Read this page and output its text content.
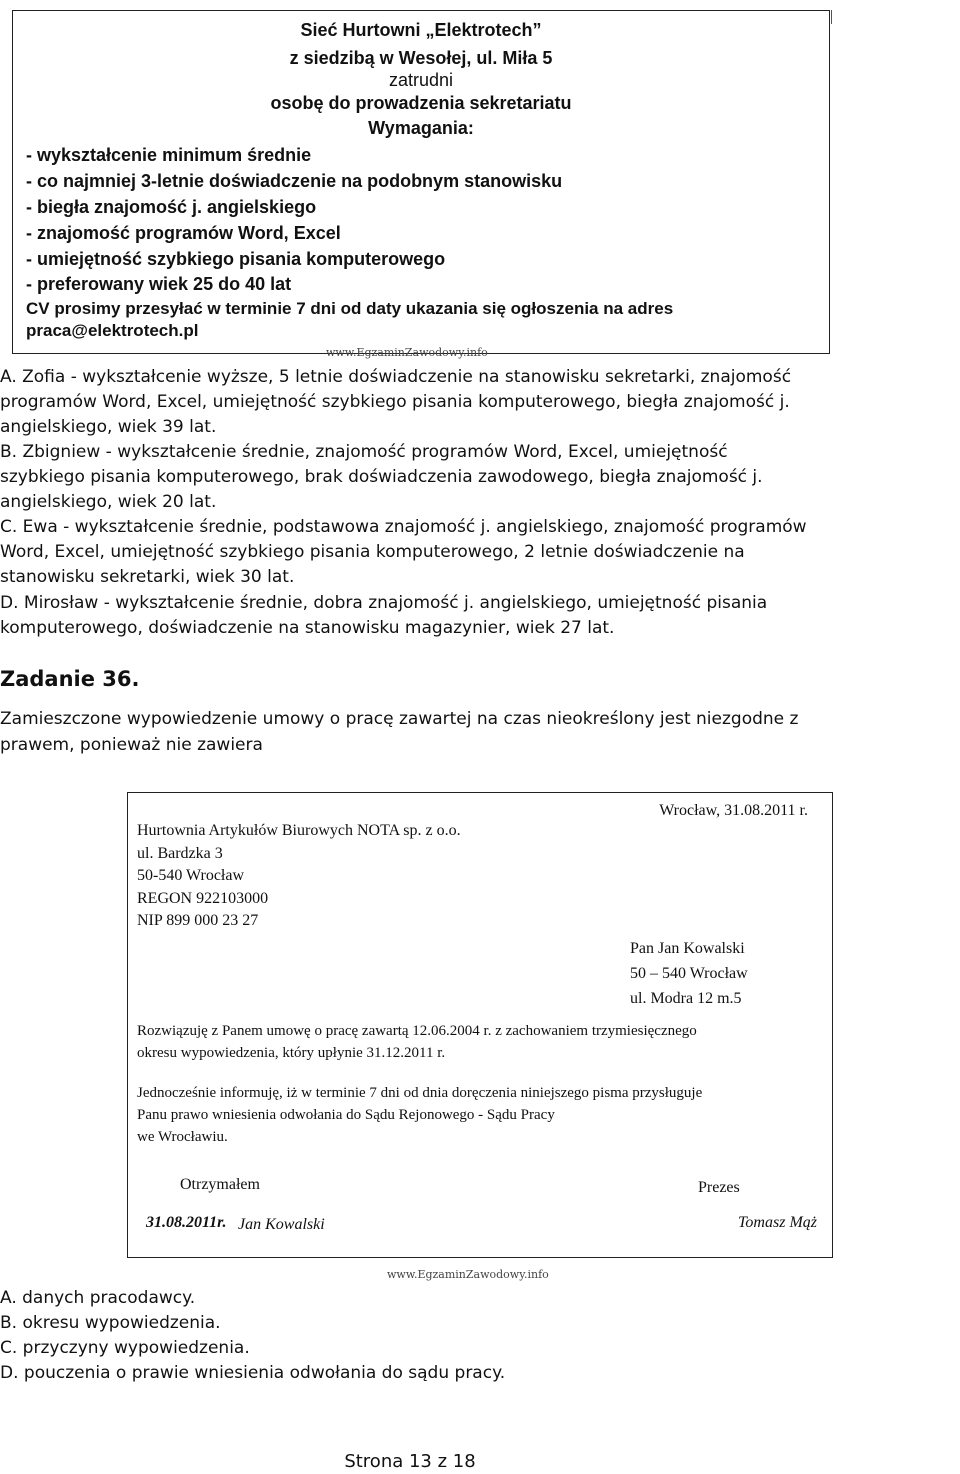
Sieć Hurtowni „Elektrotech”
z siedzibą w Wesołej, ul. Miła 5
zatrudni
osobę do prowadzenia sekretariatu
Wymagania:
- wykształcenie minimum średnie
- co najmniej 3-letnie doświadczenie na podobnym stanowisku
- biegła znajomość j. angielskiego
- znajomość programów Word, Excel
- umiejętność szybkiego pisania komputerowego
- preferowany wiek 25 do 40 lat
CV prosimy przesyłać w terminie 7 dni od daty ukazania się ogłoszenia na adres
praca@elektrotech.pl
www.EgzaminZawodowy.info
A. Zofia - wykształcenie wyższe, 5 letnie doświadczenie na stanowisku sekretarki, znajomość
programów Word, Excel, umiejętność szybkiego pisania komputerowego, biegła znajomość j.
angielskiego, wiek 39 lat.
B. Zbigniew - wykształcenie średnie, znajomość programów Word, Excel, umiejętność
szybkiego pisania komputerowego, brak doświadczenia zawodowego, biegła znajomość j.
angielskiego, wiek 20 lat.
C. Ewa - wykształcenie średnie, podstawowa znajomość j. angielskiego, znajomość programów
Word, Excel, umiejętność szybkiego pisania komputerowego, 2 letnie doświadczenie na
stanowisku sekretarki, wiek 30 lat.
D. Mirosław - wykształcenie średnie, dobra znajomość j. angielskiego, umiejętność pisania
komputerowego, doświadczenie na stanowisku magazynier, wiek 27 lat.
Zadanie 36.
Zamieszczone wypowiedzenie umowy o pracę zawartej na czas nieokreślony jest niezgodne z
prawem, ponieważ nie zawiera
Wrocław, 31.08.2011 r.
Hurtownia Artykułów Biurowych NOTA sp. z o.o.
ul. Bardzka 3
50-540 Wrocław
REGON 922103000
NIP 899 000 23 27
Pan Jan Kowalski
50 – 540 Wrocław
ul. Modra 12 m.5
Rozwiązuję z Panem umowę o pracę zawartą 12.06.2004 r. z zachowaniem trzymiesięcznego
okresu wypowiedzenia, który upłynie 31.12.2011 r.
Jednocześnie informuję, iż w terminie 7 dni od dnia doręczenia niniejszego pisma przysługuje
Panu prawo wniesienia odwołania do Sądu Rejonowego - Sądu Pracy
we Wrocławiu.
Otrzymałem	Prezes
31.08.2011r. Jan Kowalski	Tomasz Mąż
www.EgzaminZawodowy.info
A. danych pracodawcy.
B. okresu wypowiedzenia.
C. przyczyny wypowiedzenia.
D. pouczenia o prawie wniesienia odwołania do sądu pracy.
Strona 13 z 18
